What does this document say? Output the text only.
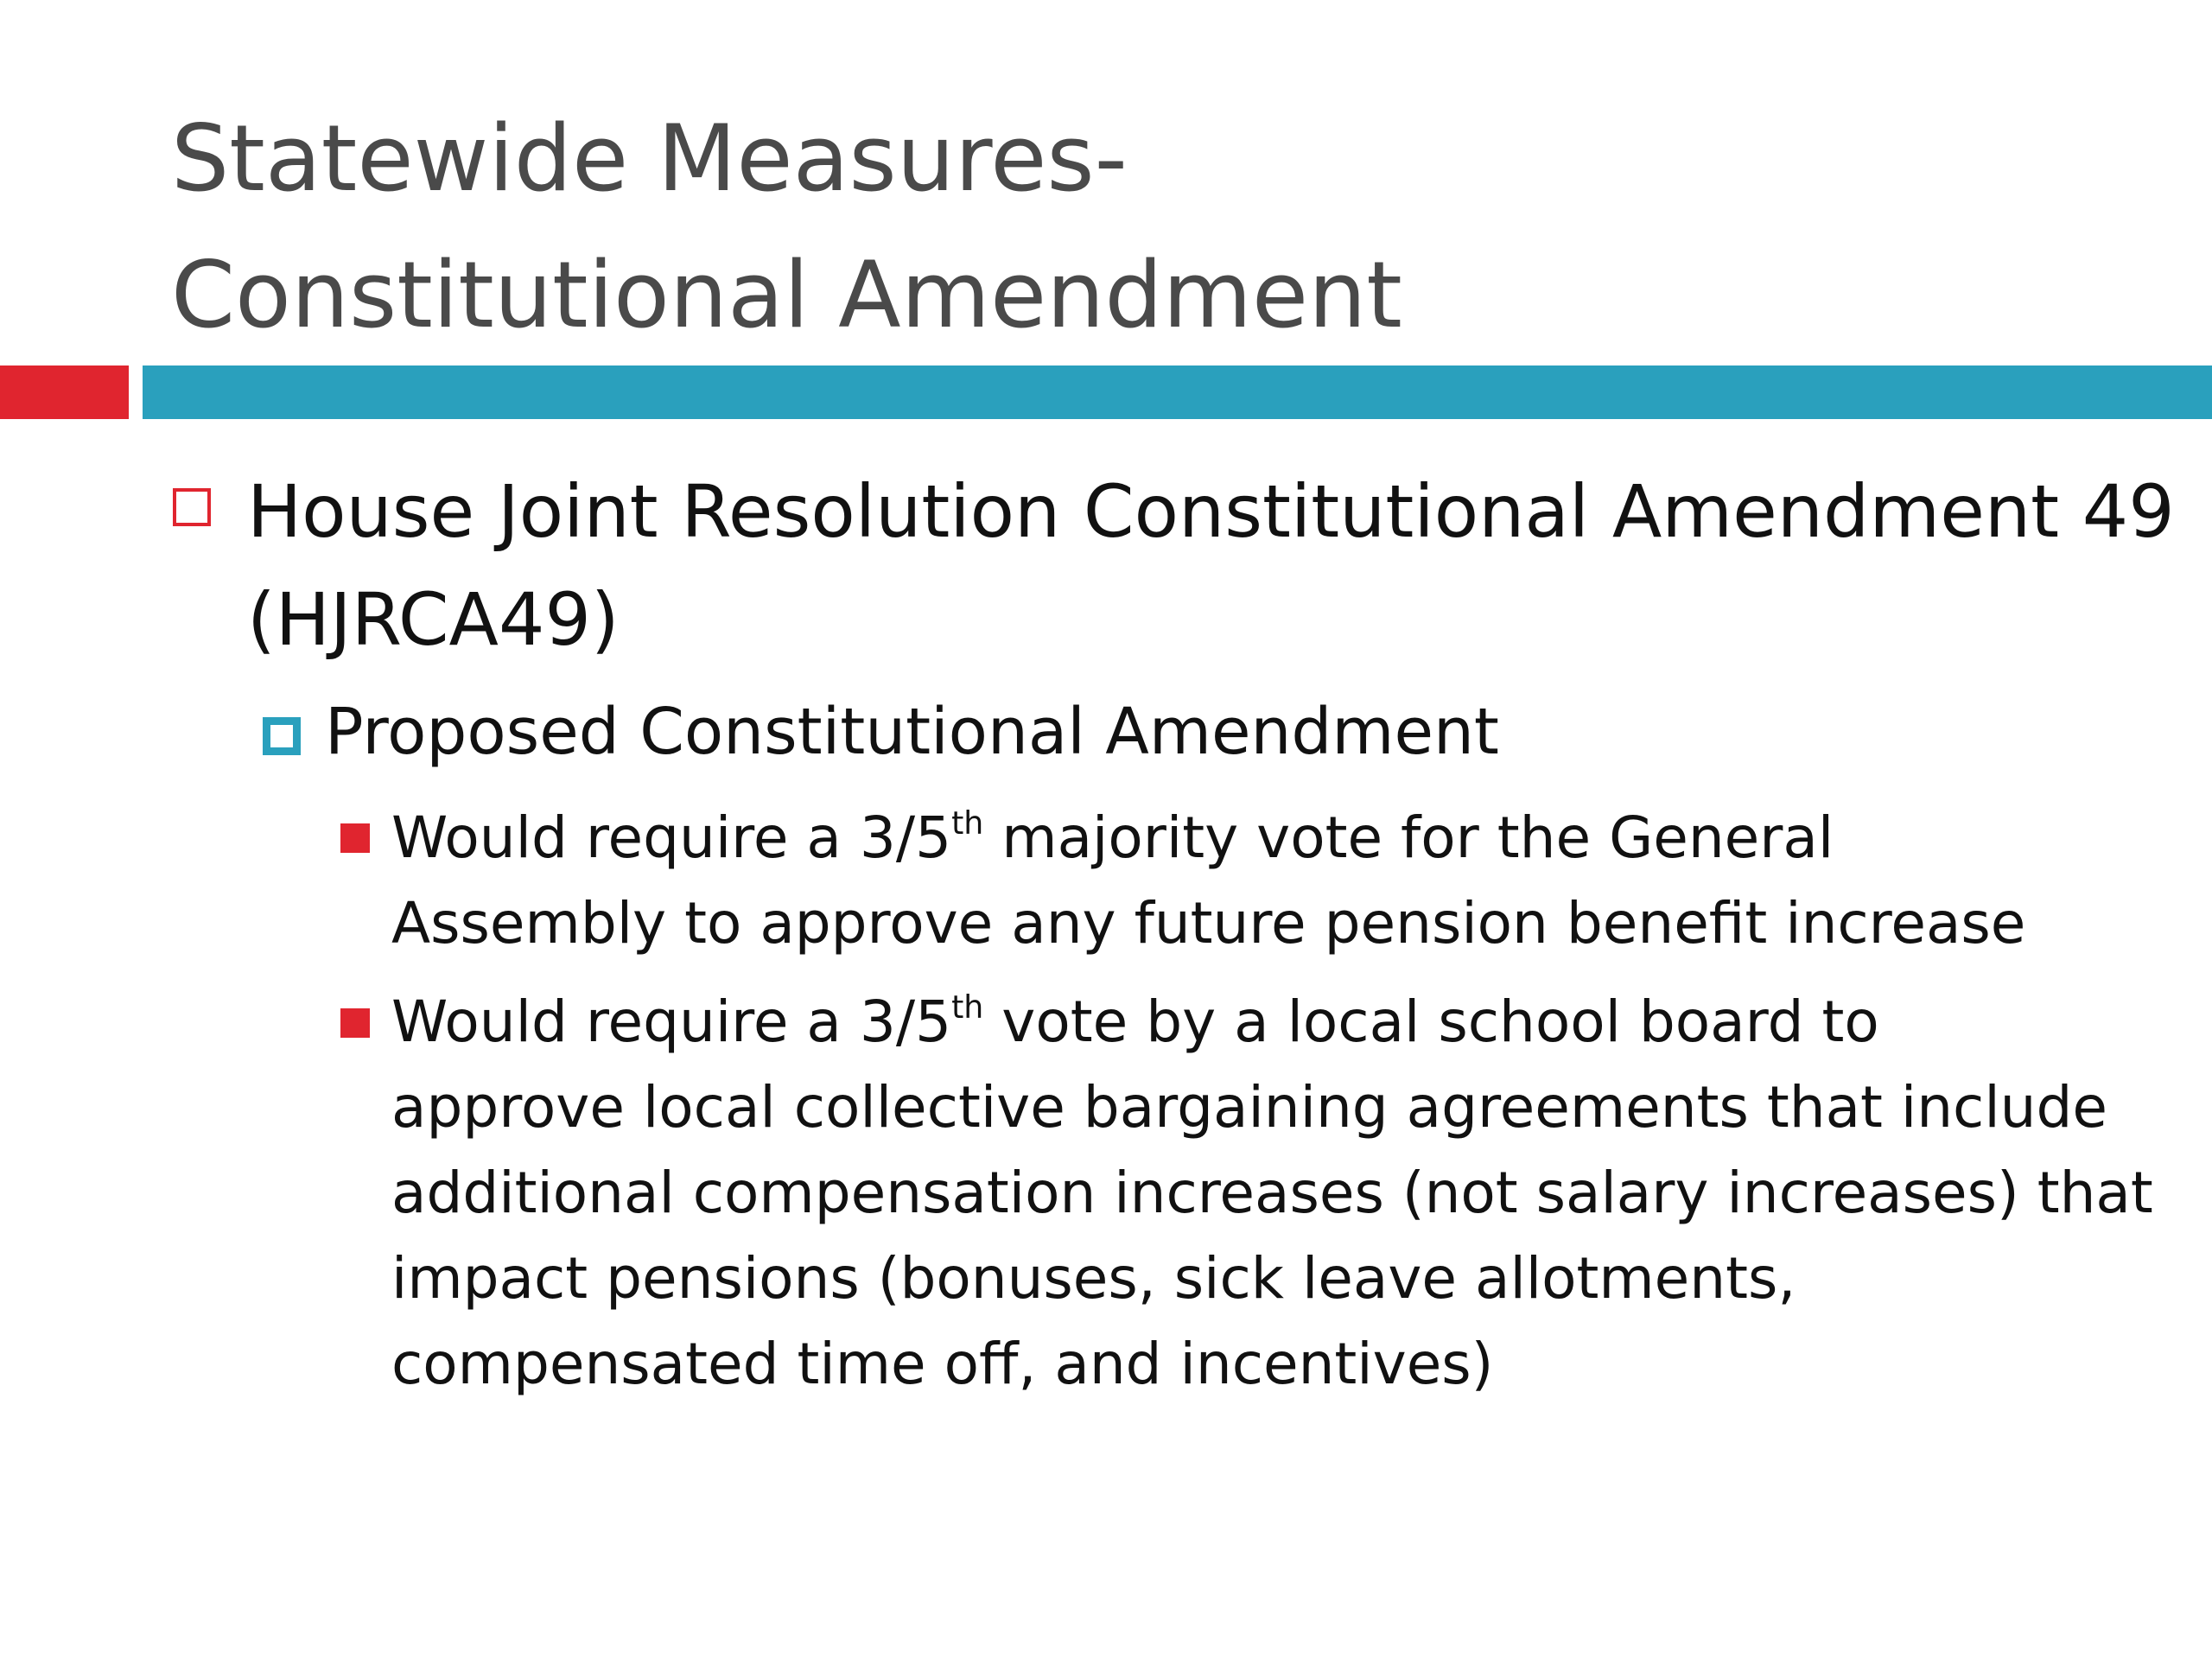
Statewide Measures-
Constitutional Amendment
House Joint Resolution Constitutional Amendment 49
(HJRCA49)
Proposed Constitutional Amendment
Would require a 3/5th majority vote for the General
Assembly to approve any future pension benefit increase
Would require a 3/5th vote by a local school board to
approve local collective bargaining agreements that include
additional compensation increases (not salary increases) that
impact pensions (bonuses, sick leave allotments,
compensated time off, and incentives)
